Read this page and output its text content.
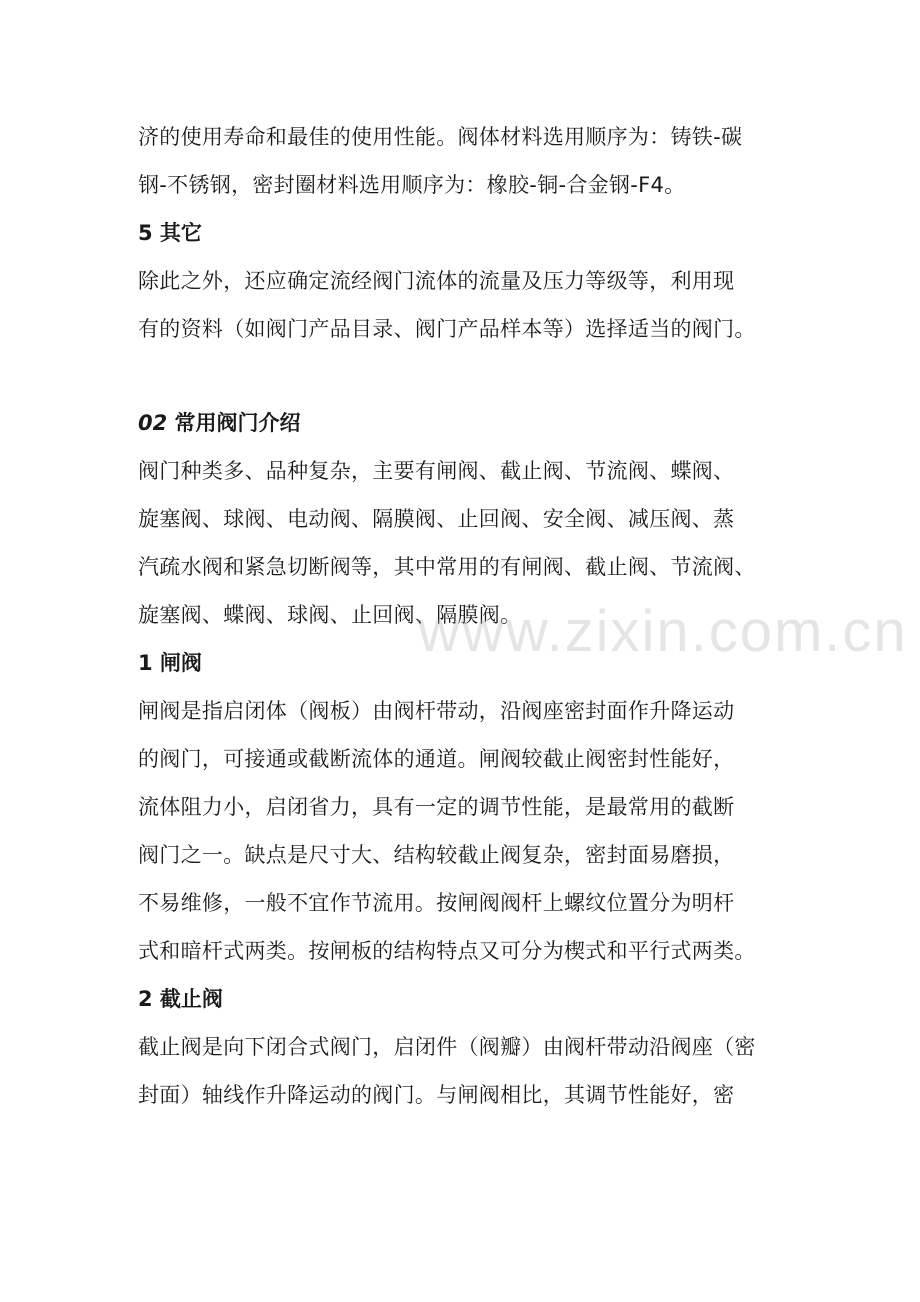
济的使用寿命和最佳的使用性能。阀体材料选用顺序为：铸铁-碳
钢-不锈钢，密封圈材料选用顺序为：橡胶-铜-合金钢-F4。
5 其它
除此之外，还应确定流经阀门流体的流量及压力等级等，利用现
有的资料（如阀门产品目录、阀门产品样本等）选择适当的阀门。
02 常用阀门介绍
阀门种类多、品种复杂，主要有闸阀、截止阀、节流阀、蝶阀、
旋塞阀、球阀、电动阀、隔膜阀、止回阀、安全阀、减压阀、蒸
汽疏水阀和紧急切断阀等，其中常用的有闸阀、截止阀、节流阀、
旋塞阀、蝶阀、球阀、止回阀、隔膜阀。
1 闸阀
闸阀是指启闭体（阀板）由阀杆带动，沿阀座密封面作升降运动
的阀门，可接通或截断流体的通道。闸阀较截止阀密封性能好，
流体阻力小，启闭省力，具有一定的调节性能，是最常用的截断
阀门之一。缺点是尺寸大、结构较截止阀复杂，密封面易磨损，
不易维修，一般不宜作节流用。按闸阀阀杆上螺纹位置分为明杆
式和暗杆式两类。按闸板的结构特点又可分为楔式和平行式两类。
2 截止阀
截止阀是向下闭合式阀门，启闭件（阀瓣）由阀杆带动沿阀座（密
封面）轴线作升降运动的阀门。与闸阀相比，其调节性能好，密
www.zixin.com.cn
